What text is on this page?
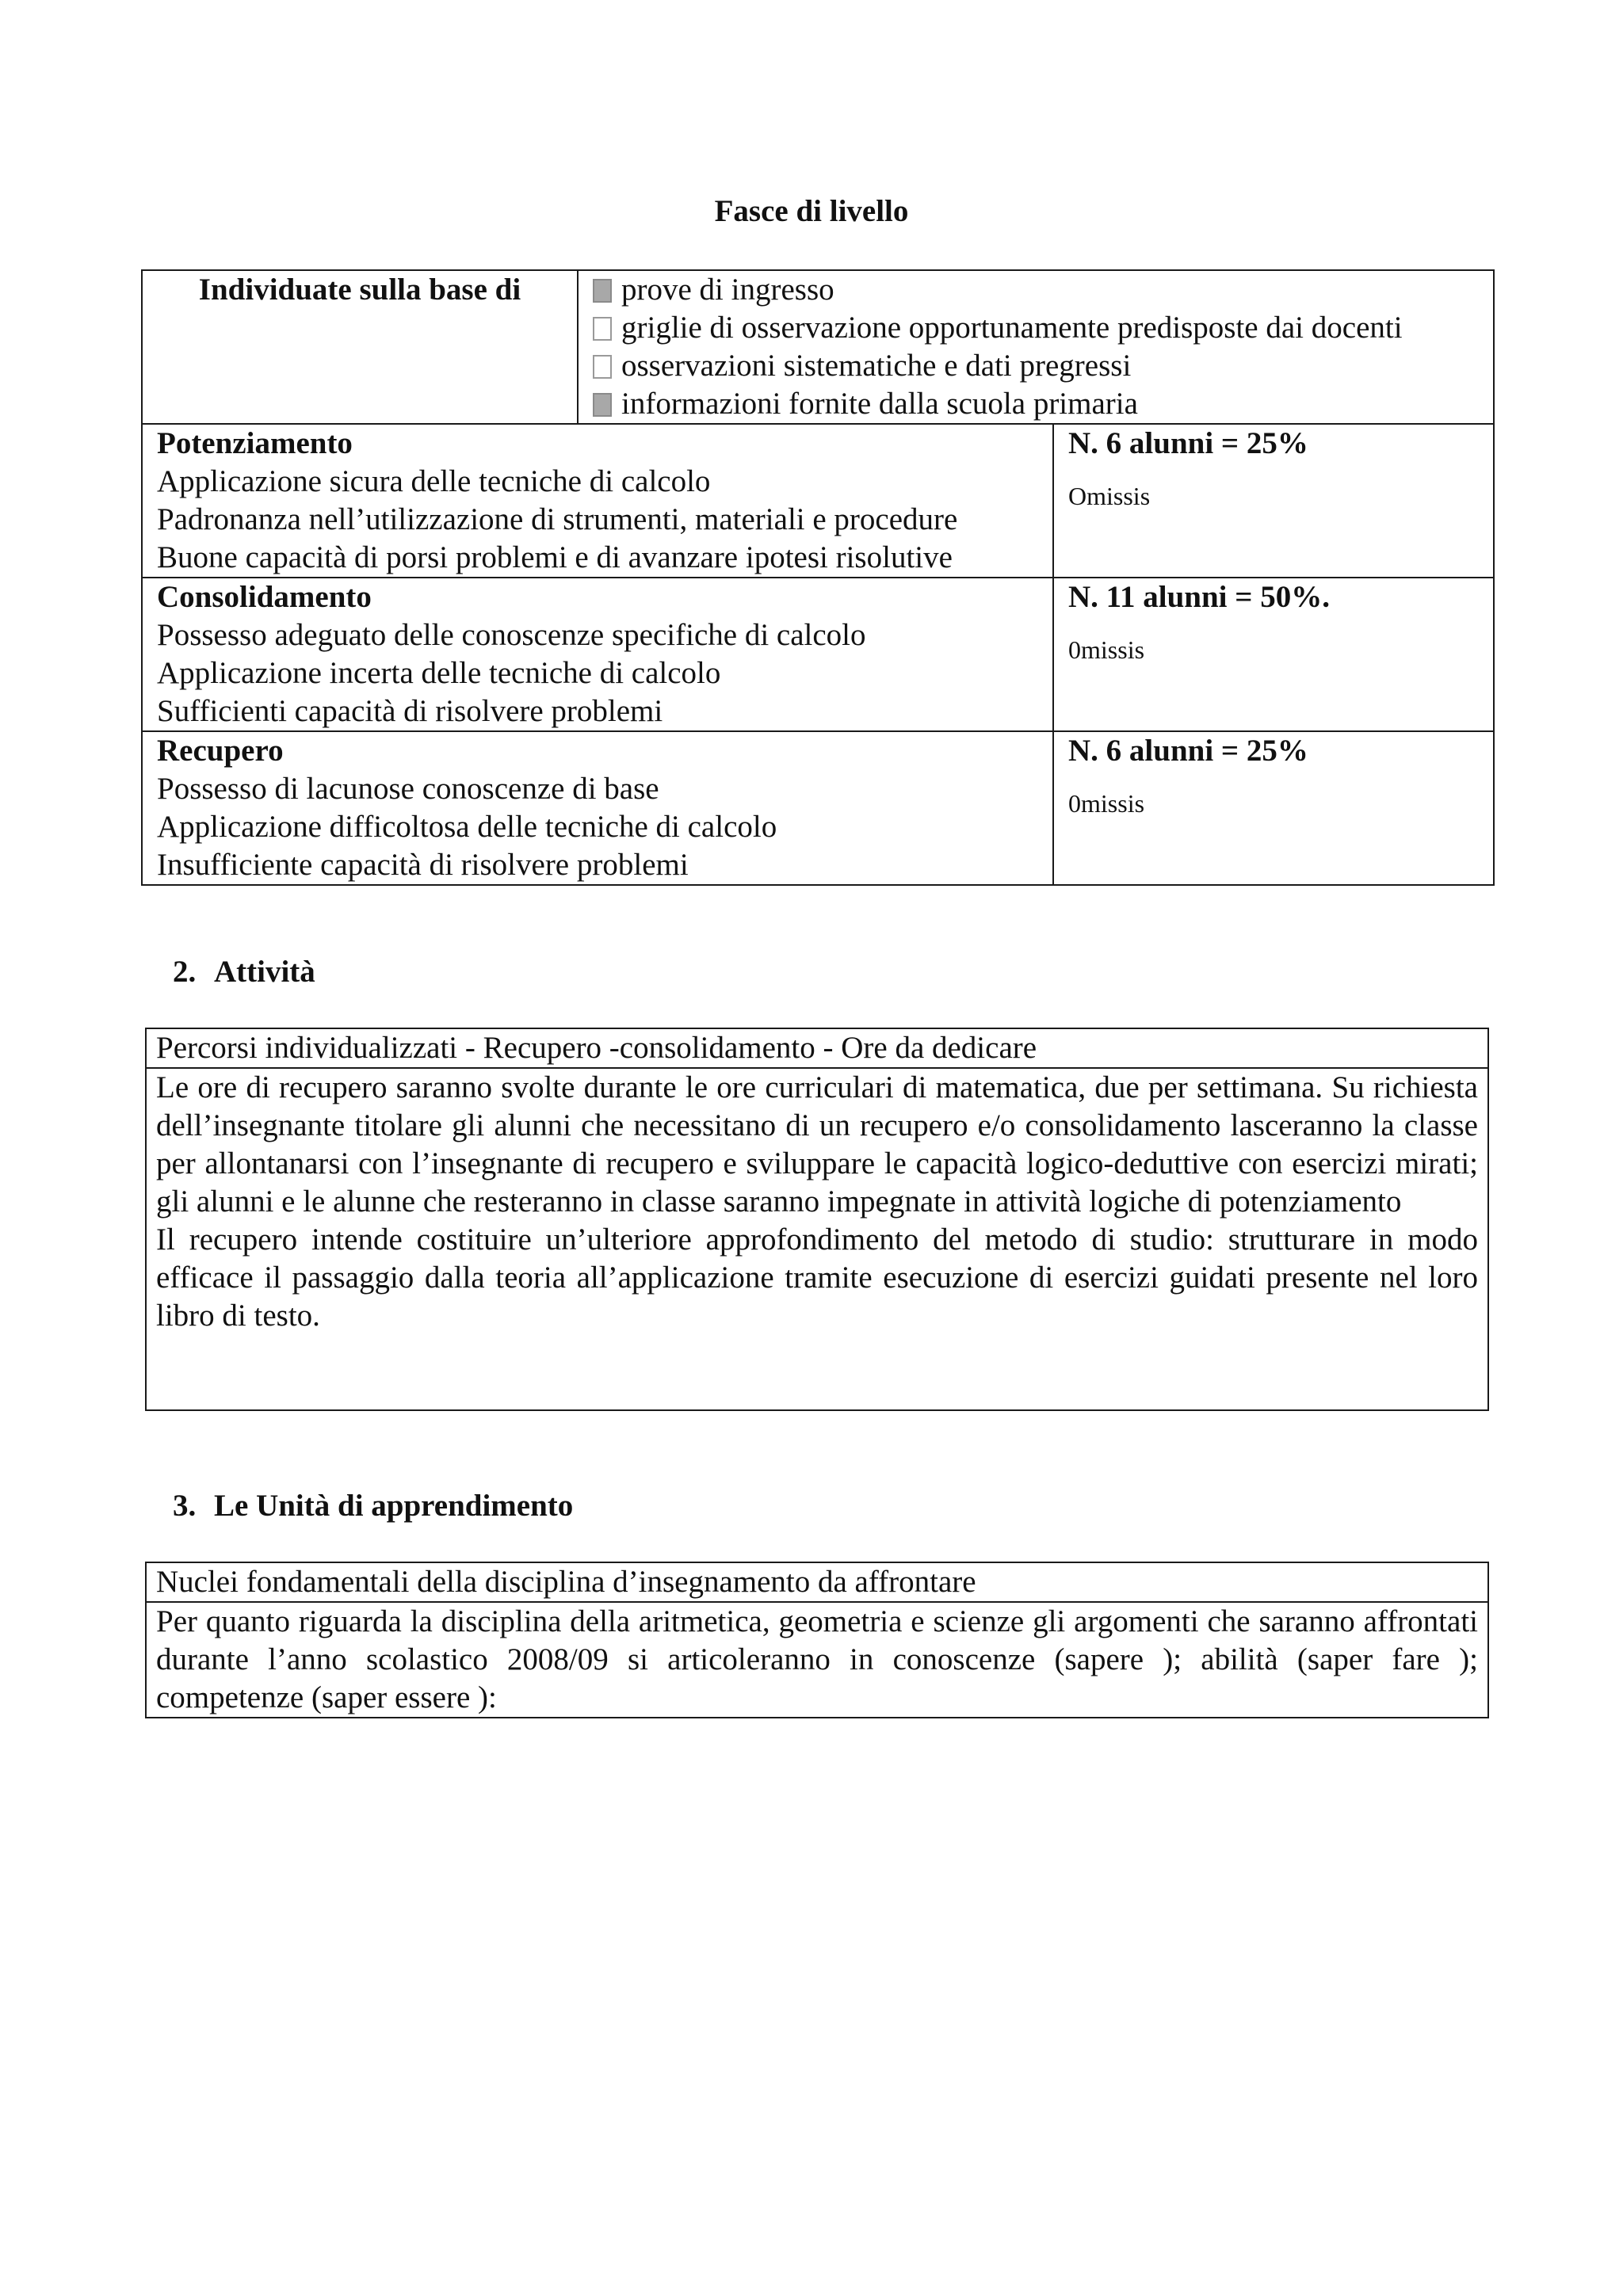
Fasce di livello
Individuate sulla base di	prove di ingresso
griglie di osservazione opportunamente predisposte dai docenti
osservazioni sistematiche e dati pregressi
informazioni fornite dalla scuola primaria	

Potenziamento
Applicazione sicura delle tecniche di calcolo
Padronanza nell’utilizzazione di strumenti, materiali e procedure
Buone capacità di porsi problemi e di avanzare ipotesi risolutive		N. 6 alunni = 25%
Omissis

Consolidamento
Possesso adeguato delle conoscenze specifiche di calcolo
Applicazione incerta delle tecniche di calcolo
Sufficienti capacità di risolvere problemi		N. 11 alunni = 50%.
0missis

Recupero
Possesso di lacunose conoscenze di base
Applicazione difficoltosa delle tecniche di calcolo
Insufficiente capacità di risolvere problemi		N. 6 alunni = 25%
0missis
2. Attività
Percorsi individualizzati - Recupero -consolidamento - Ore da dedicare

Le ore di recupero saranno svolte durante le ore curriculari di matematica, due per settimana. Su richiesta dell’insegnante titolare gli alunni che necessitano di un recupero e/o consolidamento lasceranno la classe per allontanarsi con l’insegnante di recupero e sviluppare le capacità logico-deduttive con esercizi mirati; gli alunni e le alunne che resteranno in classe saranno impegnate in attività logiche di potenziamento

Il recupero intende costituire un’ulteriore approfondimento del metodo di studio: strutturare in modo efficace il passaggio dalla teoria all’applicazione tramite esecuzione di esercizi guidati presente nel loro libro di testo.

3. Le Unità di apprendimento
Nuclei fondamentali della disciplina d’insegnamento da affrontare

Per quanto riguarda la disciplina della aritmetica, geometria e scienze gli argomenti che saranno affrontati durante l’anno scolastico 2008/09 si articoleranno in conoscenze (sapere ); abilità (saper fare ); competenze (saper essere ):
